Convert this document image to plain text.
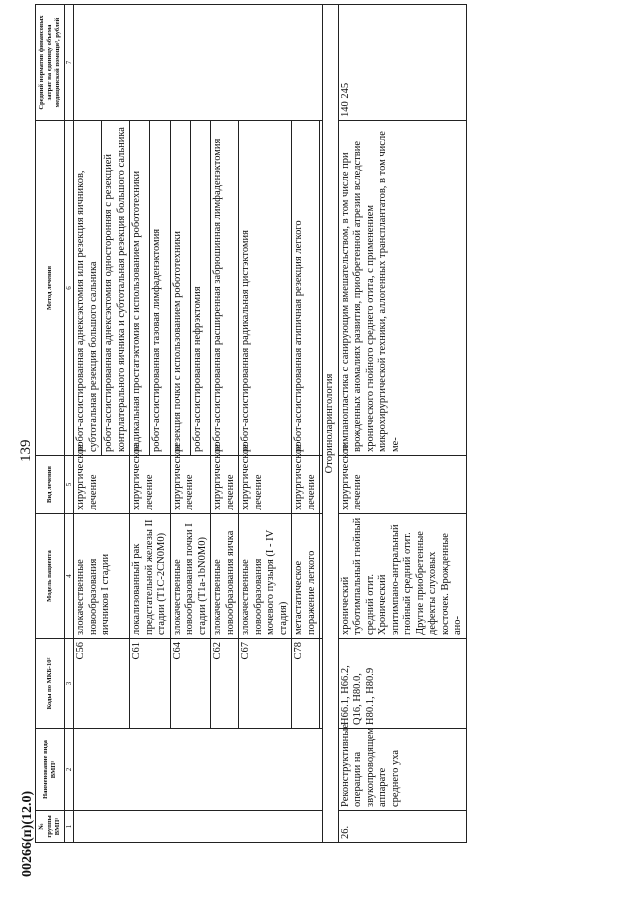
00266(п)(12.0)
139
№ группы ВМП¹	Наименование вида ВМП¹	Коды по МКБ-10²	Модель пациента	Вид лечения	Метод лечения	Средний норматив финансовых затрат на единицу объема медицинской помощи³, рублей
1	2	3	4	5	6	7
		C56	злокачественные новообразования яичников I стадии	хирургическое лечение	робот-ассистированная аднексэктомия или резекция яичников, субтотальная резекция большого сальника	
					робот-ассистированная аднексэктомия односторонняя с резекцией контрлатерального яичника и субтотальная резекция большого сальника	
		C61	локализованный рак предстательной железы II стадии (T1C-2CN0M0)	хирургическое лечение	радикальная простатэктомия с использованием робототехники	
					робот-ассистированная тазовая лимфаденэктомия	
		C64	злокачественные новообразования почки I стадии (T1a-1bN0M0)	хирургическое лечение	резекция почки с использованием робототехники	
					робот-ассистированная нефрэктомия	
		C62	злокачественные новообразования яичка	хирургическое лечение	робот-ассистированная расширенная забрюшинная лимфаденэктомия	
		C67	злокачественные новообразования мочевого пузыря (I - IV стадия)	хирургическое лечение	робот-ассистированная радикальная цистэктомия	
		C78	метастатическое поражение легкого	хирургическое лечение	робот-ассистированная атипичная резекция легкого	

Оториноларингология						
26.	Реконструктивные операции на звукопроводящем аппарате среднего уха	H66.1, H66.2, Q16, H80.0, H80.1, H80.9	хронический туботимпальный гнойный средний отит. Хронический эпитимпано-антральный гнойный средний отит. Другие приобретенные дефекты слуховых косточек. Врожденные ано-	хирургическое лечение	тимпанопластика с санирующим вмешательством, в том числе при врожденных аномалиях развития, приобретенной атрезии вследствие хронического гнойного среднего отита, с применением микрохирургической техники, аллогенных трансплантатов, в том числе ме-	140 245
